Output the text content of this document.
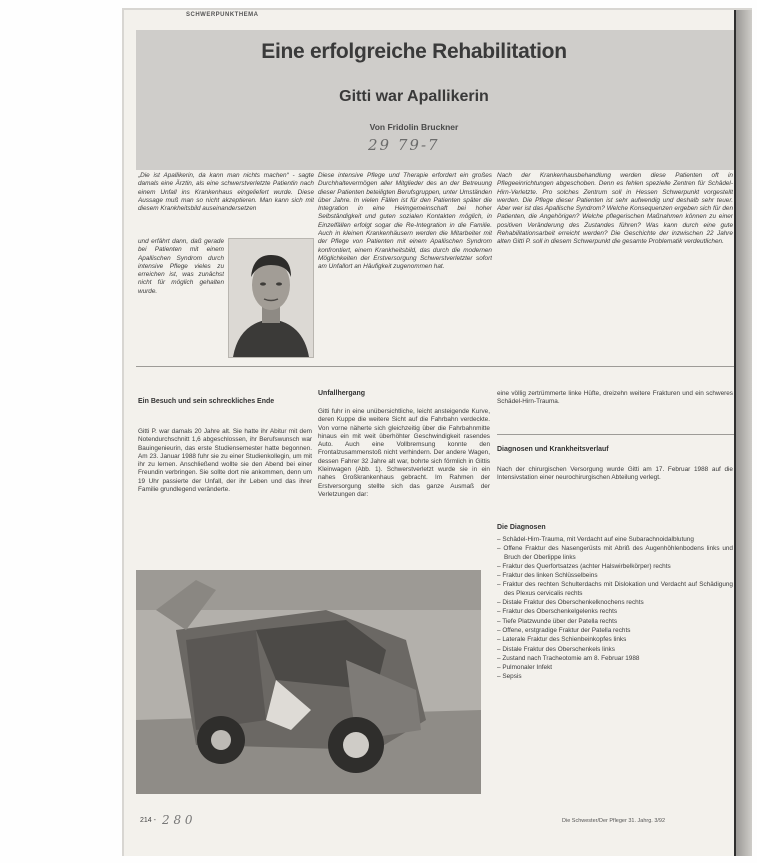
SCHWERPUNKTHEMA
Eine erfolgreiche Rehabilitation
Gitti war Apallikerin
Von Fridolin Bruckner
29 79-7
„Die ist Apallikerin, da kann man nichts machen“ - sagte damals eine Ärztin, als eine schwerstverletzte Patientin nach einem Unfall ins Krankenhaus eingeliefert wurde. Diese Aussage muß man so nicht akzeptieren. Man kann sich mit diesem Krankheitsbild auseinandersetzen
und erfährt dann, daß gerade bei Patienten mit einem Apallischen Syndrom durch intensive Pflege vieles zu erreichen ist, was zunächst nicht für möglich gehalten wurde.
Diese intensive Pflege und Therapie erfordert ein großes Durchhaltevermögen aller Mitglieder des an der Betreuung dieser Patienten beteiligten Berufsgruppen, unter Umständen über Jahre. In vielen Fällen ist für den Patienten später die Integration in eine Heimgemeinschaft bei hoher Selbständigkeit und guten sozialen Kontakten möglich, in Einzelfällen erfolgt sogar die Re-Integration in die Familie. Auch in kleinen Krankenhäusern werden die Mitarbeiter mit der Pflege von Patienten mit einem Apallischen Syndrom konfrontiert, einem Krankheitsbild, das durch die modernen Möglichkeiten der Erstversorgung Schwerstverletzter sofort am Unfallort an Häufigkeit zugenommen hat.
Nach der Krankenhausbehandlung werden diese Patienten oft in Pflegeeinrichtungen abgeschoben. Denn es fehlen spezielle Zentren für Schädel-Hirn-Verletzte. Pro solches Zentrum soll in Hessen Schwerpunkt vorgestellt werden. Die Pflege dieser Patienten ist sehr aufwendig und deshalb sehr teuer. Aber wer ist das Apallische Syndrom? Welche Konsequenzen ergeben sich für den Patienten, die Angehörigen? Welche pflegerischen Maßnahmen können zu einer positiven Veränderung des Zustandes führen? Was kann durch eine gute Rehabilitationsarbeit erreicht werden? Die Geschichte der inzwischen 22 Jahre alten Gitti P. soll in diesem Schwerpunkt die gesamte Problematik verdeutlichen.
Ein Besuch und sein schreckliches Ende
Gitti P. war damals 20 Jahre alt. Sie hatte ihr Abitur mit dem Notendurchschnitt 1,6 abgeschlossen, ihr Berufswunsch war Bauingenieurin, das erste Studiensemester hatte begonnen. Am 23. Januar 1988 fuhr sie zu einer Studienkollegin, um mit ihr zu lernen. Anschließend wollte sie den Abend bei einer Freundin verbringen. Sie sollte dort nie ankommen, denn um 19 Uhr passierte der Unfall, der ihr Leben und das ihrer Familie grundlegend veränderte.
Unfallhergang
Gitti fuhr in eine unübersichtliche, leicht ansteigende Kurve, deren Kuppe die weitere Sicht auf die Fahrbahn verdeckte. Von vorne näherte sich gleichzeitig über die Fahrbahnmitte hinaus ein mit weit überhöhter Geschwindigkeit rasendes Auto. Auch eine Vollbremsung konnte den Frontalzusammenstoß nicht verhindern. Der andere Wagen, dessen Fahrer 32 Jahre alt war, bohrte sich förmlich in Gittis Kleinwagen (Abb. 1). Schwerstverletzt wurde sie in ein nahes Großkrankenhaus gebracht. Im Rahmen der Erstversorgung stellte sich das ganze Ausmaß der Verletzungen dar:
eine völlig zertrümmerte linke Hüfte, dreizehn weitere Frakturen und ein schweres Schädel-Hirn-Trauma.
Diagnosen und Krankheitsverlauf
Nach der chirurgischen Versorgung wurde Gitti am 17. Februar 1988 auf die Intensivstation einer neurochirurgischen Abteilung verlegt.
Die Diagnosen
– Schädel-Hirn-Trauma, mit Verdacht auf eine Subarachnoidalblutung
– Offene Fraktur des Nasengerüsts mit Abriß des Augenhöhlenbodens links und Bruch der Oberlippe links
– Fraktur des Querfortsatzes (achter Halswirbelkörper) rechts
– Fraktur des linken Schlüsselbeins
– Fraktur des rechten Schulterdachs mit Dislokation und Verdacht auf Schädigung des Plexus cervicalis rechts
– Distale Fraktur des Oberschenkelknochens rechts
– Fraktur des Oberschenkelgelenks rechts
– Tiefe Platzwunde über der Patella rechts
– Offene, erstgradige Fraktur der Patella rechts
– Laterale Fraktur des Schienbeinkopfes links
– Distale Fraktur des Oberschenkels links
– Zustand nach Tracheotomie am 8. Februar 1988
– Pulmonaler Infekt
– Sepsis
214 - 2 8 0	Die Schwester/Der Pfleger 31. Jahrg. 3/92
